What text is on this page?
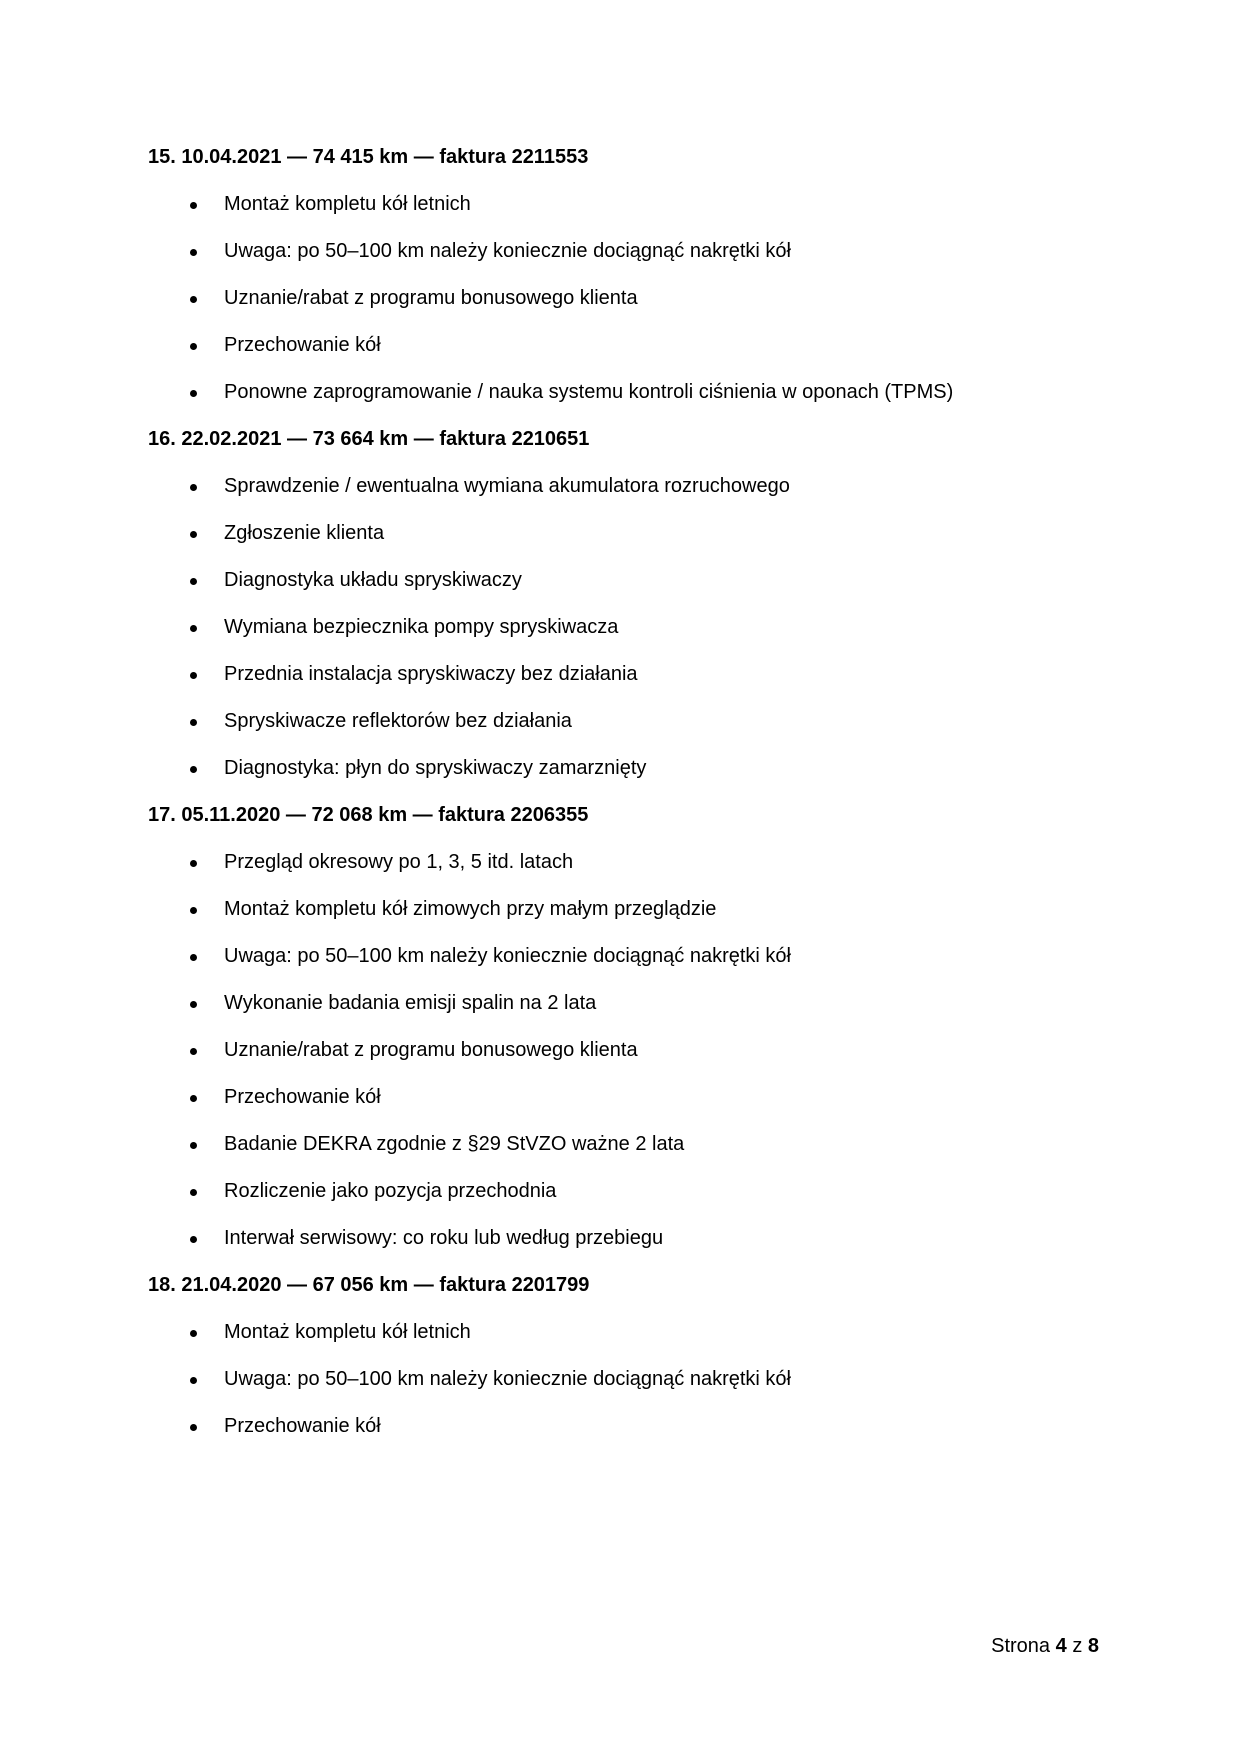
15. 10.04.2021 — 74 415 km — faktura 2211553
Montaż kompletu kół letnich
Uwaga: po 50–100 km należy koniecznie dociągnąć nakrętki kół
Uznanie/rabat z programu bonusowego klienta
Przechowanie kół
Ponowne zaprogramowanie / nauka systemu kontroli ciśnienia w oponach (TPMS)
16. 22.02.2021 — 73 664 km — faktura 2210651
Sprawdzenie / ewentualna wymiana akumulatora rozruchowego
Zgłoszenie klienta
Diagnostyka układu spryskiwaczy
Wymiana bezpiecznika pompy spryskiwacza
Przednia instalacja spryskiwaczy bez działania
Spryskiwacze reflektorów bez działania
Diagnostyka: płyn do spryskiwaczy zamarznięty
17. 05.11.2020 — 72 068 km — faktura 2206355
Przegląd okresowy po 1, 3, 5 itd. latach
Montaż kompletu kół zimowych przy małym przeglądzie
Uwaga: po 50–100 km należy koniecznie dociągnąć nakrętki kół
Wykonanie badania emisji spalin na 2 lata
Uznanie/rabat z programu bonusowego klienta
Przechowanie kół
Badanie DEKRA zgodnie z §29 StVZO ważne 2 lata
Rozliczenie jako pozycja przechodnia
Interwał serwisowy: co roku lub według przebiegu
18. 21.04.2020 — 67 056 km — faktura 2201799
Montaż kompletu kół letnich
Uwaga: po 50–100 km należy koniecznie dociągnąć nakrętki kół
Przechowanie kół
Strona 4 z 8
